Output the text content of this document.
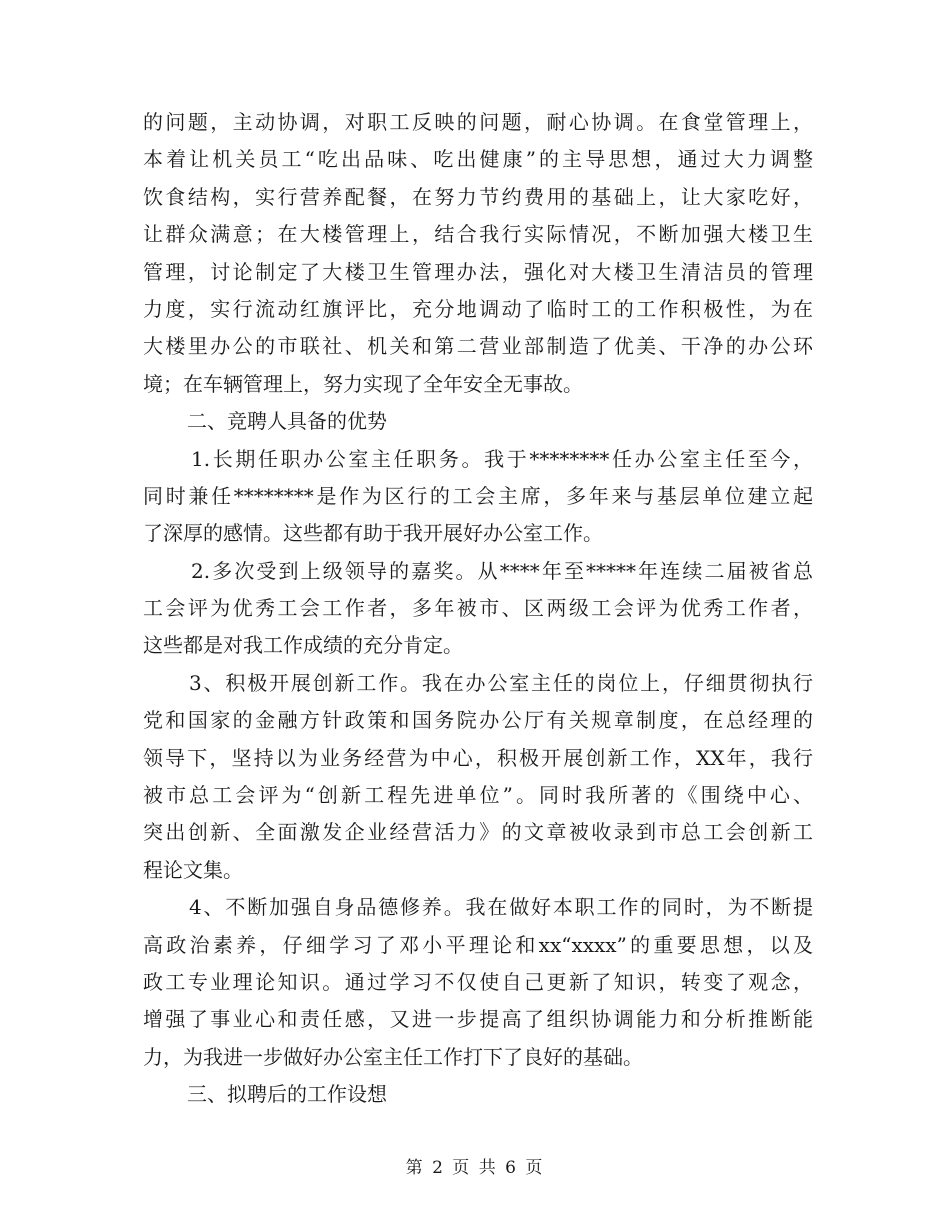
的问题，主动协调，对职工反映的问题，耐心协调。在食堂管理上，
本着让机关员工“吃出品味、吃出健康”的主导思想，通过大力调整
饮食结构，实行营养配餐，在努力节约费用的基础上，让大家吃好，
让群众满意；在大楼管理上，结合我行实际情况，不断加强大楼卫生
管理，讨论制定了大楼卫生管理办法，强化对大楼卫生清洁员的管理
力度，实行流动红旗评比，充分地调动了临时工的工作积极性，为在
大楼里办公的市联社、机关和第二营业部制造了优美、干净的办公环
境；在车辆管理上，努力实现了全年安全无事故。
二、竞聘人具备的优势
1.长期任职办公室主任职务。我于********任办公室主任至今，
同时兼任********是作为区行的工会主席，多年来与基层单位建立起
了深厚的感情。这些都有助于我开展好办公室工作。
2.多次受到上级领导的嘉奖。从****年至*****年连续二届被省总
工会评为优秀工会工作者，多年被市、区两级工会评为优秀工作者，
这些都是对我工作成绩的充分肯定。
3、积极开展创新工作。我在办公室主任的岗位上，仔细贯彻执行
党和国家的金融方针政策和国务院办公厅有关规章制度，在总经理的
领导下，坚持以为业务经营为中心，积极开展创新工作，XX年，我行
被市总工会评为“创新工程先进单位”。同时我所著的《围绕中心、
突出创新、全面激发企业经营活力》的文章被收录到市总工会创新工
程论文集。
4、不断加强自身品德修养。我在做好本职工作的同时，为不断提
高政治素养，仔细学习了邓小平理论和xx“xxxx”的重要思想，以及
政工专业理论知识。通过学习不仅使自己更新了知识，转变了观念，
增强了事业心和责任感，又进一步提高了组织协调能力和分析推断能
力，为我进一步做好办公室主任工作打下了良好的基础。
三、拟聘后的工作设想
第 2 页 共 6 页
